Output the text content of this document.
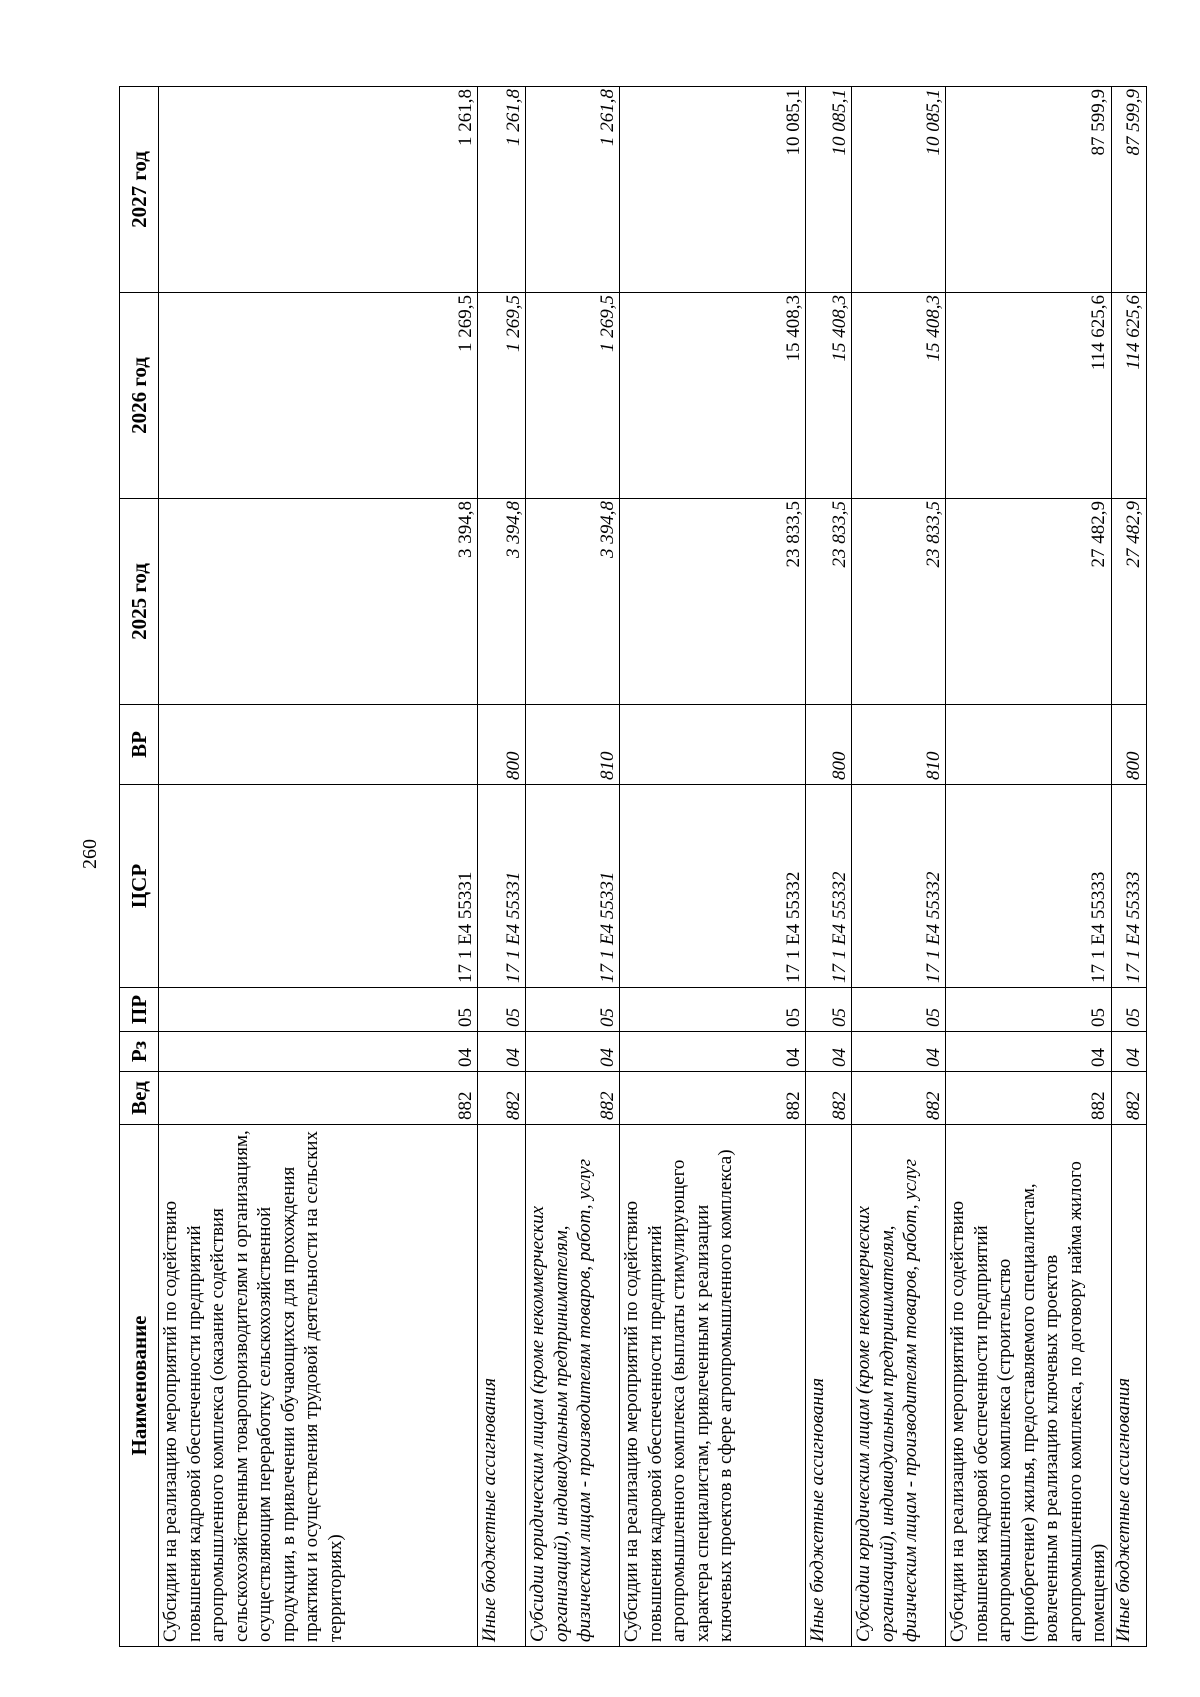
260
Наименование	Вед	Рз	ПР	ЦСР	ВР	2025 год	2026 год	2027 год
Субсидии на реализацию мероприятий по содействию повышения кадровой обеспеченности предприятий агропромышленного комплекса (оказание содействия сельскохозяйственным товаропроизводителям и организациям, осуществляющим переработку сельскохозяйственной продукции, в привлечении обучающихся для прохождения практики и осуществления трудовой деятельности на сельских территориях)	882	04	05	17 1 E4 55331		3 394,8	1 269,5	1 261,8
Иные бюджетные ассигнования	882	04	05	17 1 E4 55331	800	3 394,8	1 269,5	1 261,8
Субсидии юридическим лицам (кроме некоммерческих организаций), индивидуальным предпринимателям, физическим лицам - производителям товаров, работ, услуг	882	04	05	17 1 E4 55331	810	3 394,8	1 269,5	1 261,8
Субсидии на реализацию мероприятий по содействию повышения кадровой обеспеченности предприятий агропромышленного комплекса (выплаты стимулирующего характера специалистам, привлеченным к реализации ключевых проектов в сфере агропромышленного комплекса)	882	04	05	17 1 E4 55332		23 833,5	15 408,3	10 085,1
Иные бюджетные ассигнования	882	04	05	17 1 E4 55332	800	23 833,5	15 408,3	10 085,1
Субсидии юридическим лицам (кроме некоммерческих организаций), индивидуальным предпринимателям, физическим лицам - производителям товаров, работ, услуг	882	04	05	17 1 E4 55332	810	23 833,5	15 408,3	10 085,1
Субсидии на реализацию мероприятий по содействию повышения кадровой обеспеченности предприятий агропромышленного комплекса (строительство (приобретение) жилья, предоставляемого специалистам, вовлеченным в реализацию ключевых проектов агропромышленного комплекса, по договору найма жилого помещения)	882	04	05	17 1 E4 55333		27 482,9	114 625,6	87 599,9
Иные бюджетные ассигнования	882	04	05	17 1 E4 55333	800	27 482,9	114 625,6	87 599,9
